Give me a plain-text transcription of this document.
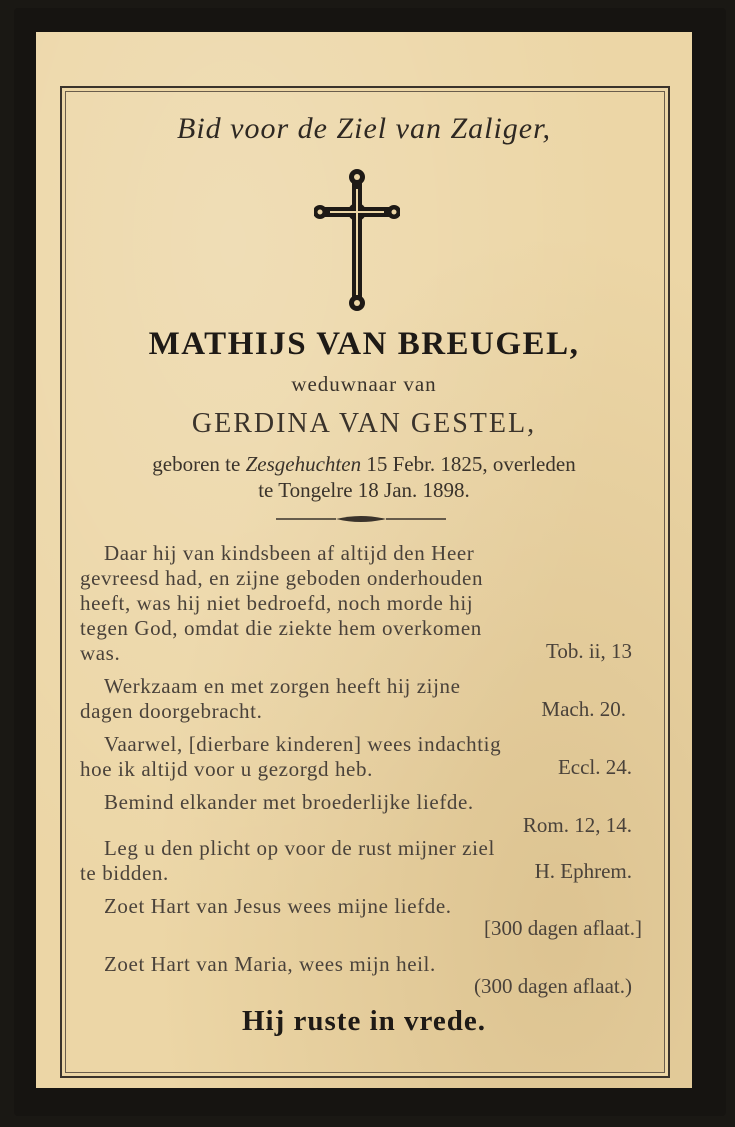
Bid voor de Ziel van Zaliger,
MATHIJS VAN BREUGEL,
weduwnaar van
GERDINA VAN GESTEL,
geboren te Zesgehuchten 15 Febr. 1825, overleden
te Tongelre 18 Jan. 1898.
Daar hij van kindsbeen af altijd den Heer
gevreesd had, en zijne geboden onderhouden
heeft, was hij niet bedroefd, noch morde hij
tegen God, omdat die ziekte hem overkomen
was.	Tob. ii, 13
Werkzaam en met zorgen heeft hij zijne
dagen doorgebracht.	Mach. 20.
Vaarwel, [dierbare kinderen] wees indachtig
hoe ik altijd voor u gezorgd heb.	Eccl. 24.
Bemind elkander met broederlijke liefde.
Rom. 12, 14.
Leg u den plicht op voor de rust mijner ziel
te bidden.	H. Ephrem.
Zoet Hart van Jesus wees mijne liefde.
[300 dagen aflaat.]
Zoet Hart van Maria, wees mijn heil.
(300 dagen aflaat.)
Hij ruste in vrede.
